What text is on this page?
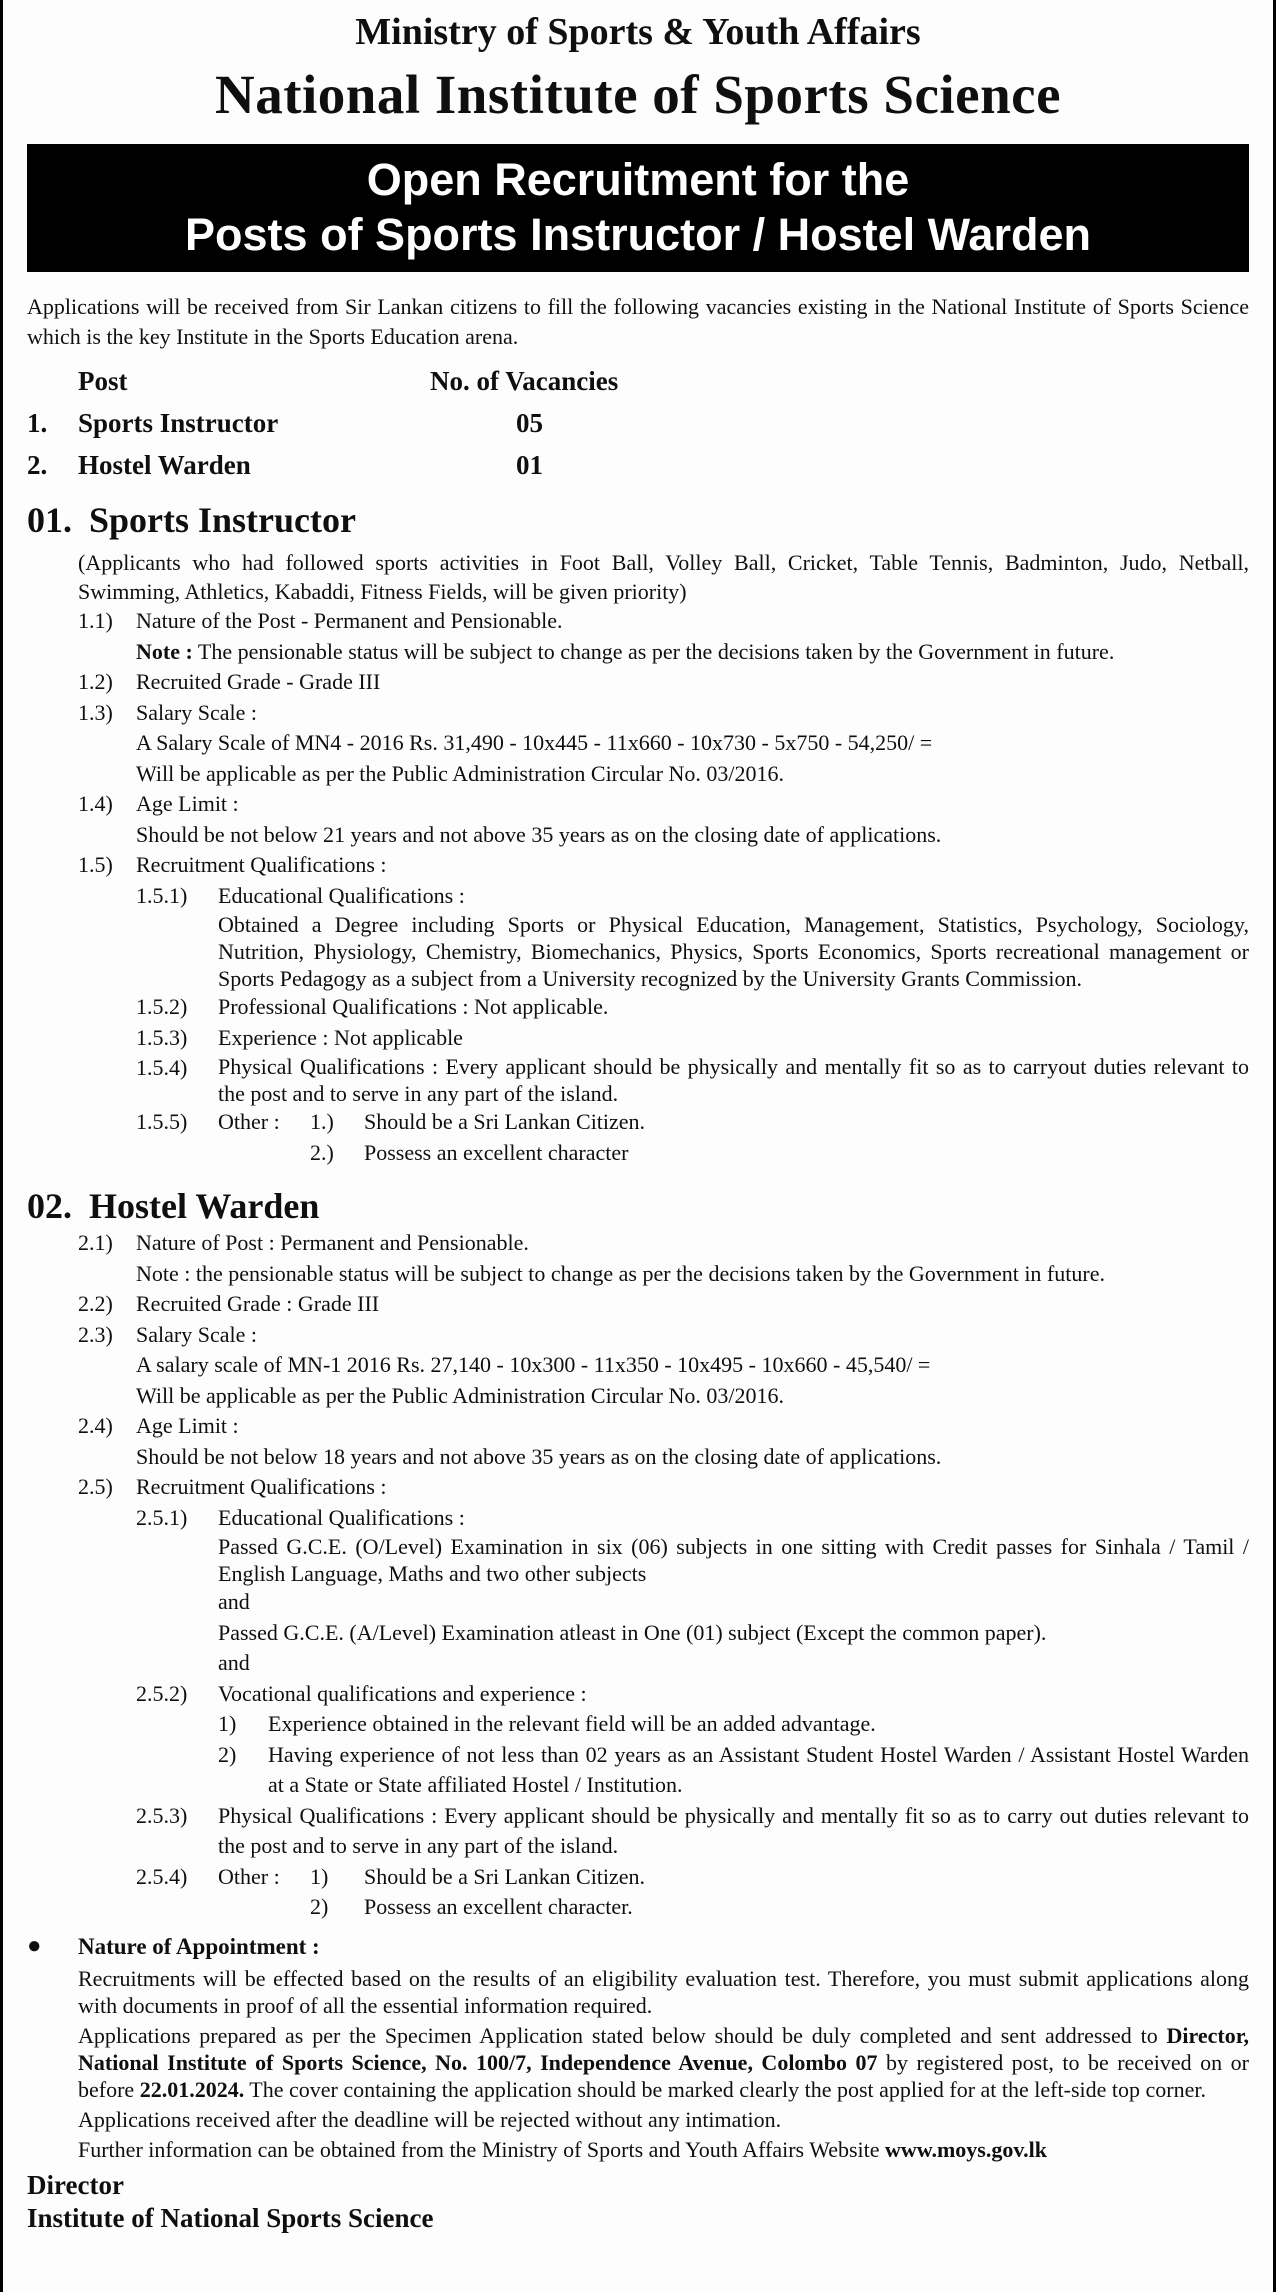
Ministry of Sports & Youth Affairs
National Institute of Sports Science
Open Recruitment for the
Posts of Sports Instructor / Hostel Warden

Applications will be received from Sir Lankan citizens to fill the following vacancies existing in the National Institute of Sports Science which is the key Institute in the Sports Education arena.

Post	No. of Vacancies
1.	Sports Instructor	05
2.	Hostel Warden	01
01. Sports Instructor

(Applicants who had followed sports activities in Foot Ball, Volley Ball, Cricket, Table Tennis, Badminton, Judo, Netball, Swimming, Athletics, Kabaddi, Fitness Fields, will be given priority)

1.1)	Nature of the Post - Permanent and Pensionable.
Note : The pensionable status will be subject to change as per the decisions taken by the Government in future.
1.2)	Recruited Grade - Grade III
1.3)	Salary Scale :
A Salary Scale of MN4 - 2016 Rs. 31,490 - 10x445 - 11x660 - 10x730 - 5x750 - 54,250/ =
Will be applicable as per the Public Administration Circular No. 03/2016.
1.4)	Age Limit :
Should be not below 21 years and not above 35 years as on the closing date of applications.
1.5)	Recruitment Qualifications :
1.5.1)	Educational Qualifications :
Obtained a Degree including Sports or Physical Education, Management, Statistics, Psychology, Sociology, Nutrition, Physiology, Chemistry, Biomechanics, Physics, Sports Economics, Sports recreational management or Sports Pedagogy as a subject from a University recognized by the University Grants Commission.
1.5.2)	Professional Qualifications : Not applicable.
1.5.3)	Experience : Not applicable
1.5.4)	Physical Qualifications : Every applicant should be physically and mentally fit so as to carryout duties relevant to the post and to serve in any part of the island.
1.5.5)	Other :	1.)	Should be a Sri Lankan Citizen.
2.)	Possess an excellent character
02. Hostel Warden
2.1)	Nature of Post : Permanent and Pensionable.
Note : the pensionable status will be subject to change as per the decisions taken by the Government in future.
2.2)	Recruited Grade : Grade III
2.3)	Salary Scale :
A salary scale of MN-1 2016 Rs. 27,140 - 10x300 - 11x350 - 10x495 - 10x660 - 45,540/ =
Will be applicable as per the Public Administration Circular No. 03/2016.
2.4)	Age Limit :
Should be not below 18 years and not above 35 years as on the closing date of applications.
2.5)	Recruitment Qualifications :
2.5.1)	Educational Qualifications :
Passed G.C.E. (O/Level) Examination in six (06) subjects in one sitting with Credit passes for Sinhala / Tamil / English Language, Maths and two other subjects
and
Passed G.C.E. (A/Level) Examination atleast in One (01) subject (Except the common paper).
and
2.5.2)	Vocational qualifications and experience :
1)	Experience obtained in the relevant field will be an added advantage.
2)	Having experience of not less than 02 years as an Assistant Student Hostel Warden / Assistant Hostel Warden at a State or State affiliated Hostel / Institution.
2.5.3)	Physical Qualifications : Every applicant should be physically and mentally fit so as to carry out duties relevant to the post and to serve in any part of the island.
2.5.4)	Other :	1)	Should be a Sri Lankan Citizen.
2)	Possess an excellent character.
●	Nature of Appointment :

Recruitments will be effected based on the results of an eligibility evaluation test. Therefore, you must submit applications along with documents in proof of all the essential information required.

Applications prepared as per the Specimen Application stated below should be duly completed and sent addressed to Director, National Institute of Sports Science, No. 100/7, Independence Avenue, Colombo 07 by registered post, to be received on or before 22.01.2024. The cover containing the application should be marked clearly the post applied for at the left-side top corner.

Applications received after the deadline will be rejected without any intimation.

Further information can be obtained from the Ministry of Sports and Youth Affairs Website www.moys.gov.lk

Director
Institute of National Sports Science
